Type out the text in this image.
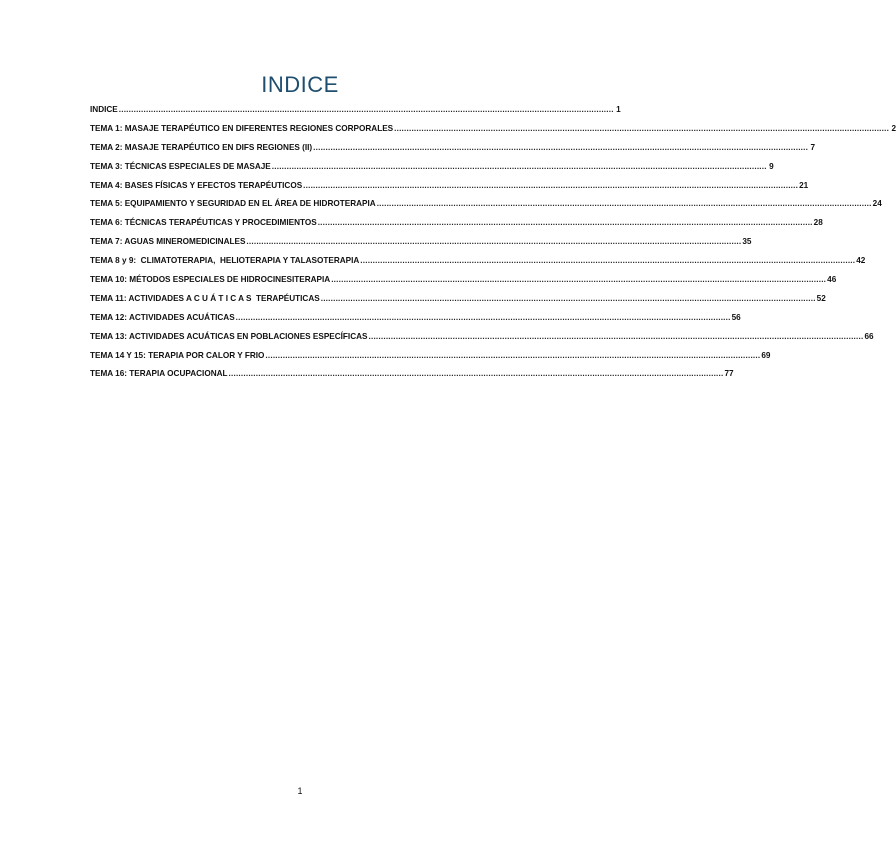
INDICE
INDICE ........................................................................................................................................................................................................ 1
TEMA 1: MASAJE TERAPÉUTICO EN DIFERENTES REGIONES CORPORALES ........................................................................................................................................................................................................ 2
TEMA 2: MASAJE TERAPÉUTICO EN DIFS REGIONES (II) ........................................................................................................................................................................................................ 7
TEMA 3: TÉCNICAS ESPECIALES DE MASAJE ........................................................................................................................................................................................................ 9
TEMA 4: BASES FÍSICAS Y EFECTOS TERAPÉUTICOS ........................................................................................................................................................................................................ 21
TEMA 5: EQUIPAMIENTO Y SEGURIDAD EN EL ÁREA DE HIDROTERAPIA ........................................................................................................................................................................................................ 24
TEMA 6: TÉCNICAS TERAPÉUTICAS Y PROCEDIMIENTOS ........................................................................................................................................................................................................ 28
TEMA 7: AGUAS MINEROMEDICINALES ........................................................................................................................................................................................................ 35
TEMA 8 y 9:  CLIMATOTERAPIA,  HELIOTERAPIA Y TALASOTERAPIA ........................................................................................................................................................................................................ 42
TEMA 10: MÉTODOS ESPECIALES DE HIDROCINESITERAPIA ........................................................................................................................................................................................................ 46
TEMA 11: ACTIVIDADES A C U Á T I C A S  TERAPÉUTICAS ........................................................................................................................................................................................................ 52
TEMA 12: ACTIVIDADES ACUÁTICAS ........................................................................................................................................................................................................ 56
TEMA 13: ACTIVIDADES ACUÁTICAS EN POBLACIONES ESPECÍFICAS ........................................................................................................................................................................................................ 66
TEMA 14 Y 15: TERAPIA POR CALOR Y FRIO ........................................................................................................................................................................................................ 69
TEMA 16: TERAPIA OCUPACIONAL ........................................................................................................................................................................................................ 77
1
